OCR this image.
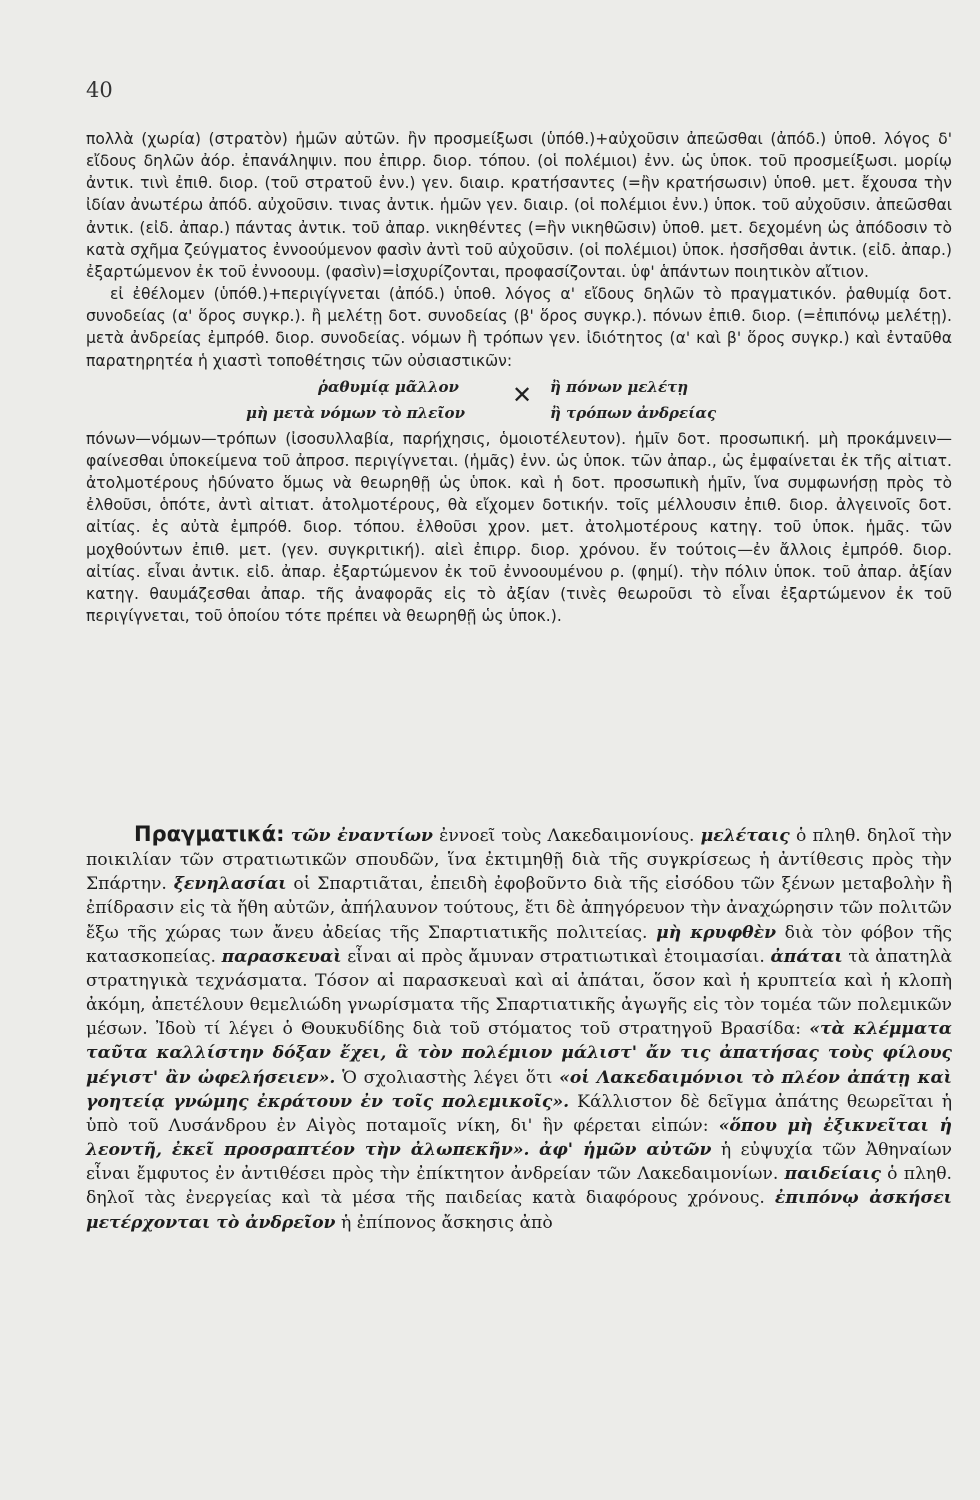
40

πολλὰ (χωρία) (στρατὸν) ἡμῶν αὐτῶν. ἢν προσμείξωσι (ὑπόθ.)+αὐχοῦσιν ἀπεῶσθαι (ἀπόδ.) ὑποθ. λόγος δ' εἴδους δηλῶν ἀόρ. ἐπανάληψιν. που ἐπιρρ. διορ. τόπου. (οἱ πολέμιοι) ἐνν. ὡς ὑποκ. τοῦ προσμείξωσι. μορίῳ ἀντικ. τινὶ ἐπιθ. διορ. (τοῦ στρατοῦ ἐνν.) γεν. διαιρ. κρατήσαντες (=ἢν κρατήσωσιν) ὑποθ. μετ. ἔχουσα τὴν ἰδίαν ἀνωτέρω ἀπόδ. αὐχοῦσιν. τινας ἀντικ. ἡμῶν γεν. διαιρ. (οἱ πολέμιοι ἐνν.) ὑποκ. τοῦ αὐχοῦσιν. ἀπεῶσθαι ἀντικ. (εἰδ. ἀπαρ.) πάντας ἀντικ. τοῦ ἀπαρ. νικηθέντες (=ἢν νικηθῶσιν) ὑποθ. μετ. δεχομένη ὡς ἀπόδοσιν τὸ κατὰ σχῆμα ζεύγματος ἐννοούμενον φασὶν ἀντὶ τοῦ αὐχοῦσιν. (οἱ πολέμιοι) ὑποκ. ἡσσῆσθαι ἀντικ. (εἰδ. ἀπαρ.) ἐξαρτώμενον ἐκ τοῦ ἐννοουμ. (φασὶν)=ἰσχυρίζονται, προφασίζονται. ὑφ' ἁπάντων ποιητικὸν αἴτιον.

εἰ ἐθέλομεν (ὑπόθ.)+περιγίγνεται (ἀπόδ.) ὑποθ. λόγος α' εἴδους δηλῶν τὸ πραγματικόν. ῥαθυμίᾳ δοτ. συνοδείας (α' ὅρος συγκρ.). ἢ μελέτῃ δοτ. συνοδείας (β' ὅρος συγκρ.). πόνων ἐπιθ. διορ. (=ἐπιπόνῳ μελέτῃ). μετὰ ἀνδρείας ἐμπρόθ. διορ. συνοδείας. νόμων ἢ τρόπων γεν. ἰδιότητος (α' καὶ β' ὅρος συγκρ.) καὶ ἐνταῦθα παρατηρητέα ἡ χιαστὶ τοποθέτησις τῶν οὐσιαστικῶν:

ῥαθυμίᾳ μᾶλλον ✕ ἢ πόνων μελέτῃ
μὴ μετὰ νόμων τὸ πλεῖον	ἢ τρόπων ἀνδρείας

πόνων—νόμων—τρόπων (ἰσοσυλλαβία, παρήχησις, ὁμοιοτέλευτον). ἡμῖν δοτ. προσωπική. μὴ προκάμνειν—φαίνεσθαι ὑποκείμενα τοῦ ἀπροσ. περιγίγνεται. (ἡμᾶς) ἐνν. ὡς ὑποκ. τῶν ἀπαρ., ὡς ἐμφαίνεται ἐκ τῆς αἰτιατ. ἀτολμοτέρους ἠδύνατο ὅμως νὰ θεωρηθῇ ὡς ὑποκ. καὶ ἡ δοτ. προσωπικὴ ἡμῖν, ἵνα συμφωνήσῃ πρὸς τὸ ἐλθοῦσι, ὁπότε, ἀντὶ αἰτιατ. ἀτολμοτέρους, θὰ εἴχομεν δοτικήν. τοῖς μέλλουσιν ἐπιθ. διορ. ἀλγεινοῖς δοτ. αἰτίας. ἐς αὐτὰ ἐμπρόθ. διορ. τόπου. ἐλθοῦσι χρον. μετ. ἀτολμοτέρους κατηγ. τοῦ ὑποκ. ἡμᾶς. τῶν μοχθούντων ἐπιθ. μετ. (γεν. συγκριτική). αἰεὶ ἐπιρρ. διορ. χρόνου. ἔν τούτοις—ἐν ἄλλοις ἐμπρόθ. διορ. αἰτίας. εἶναι ἀντικ. εἰδ. ἀπαρ. ἐξαρτώμενον ἐκ τοῦ ἐννοουμένου ρ. (φημί). τὴν πόλιν ὑποκ. τοῦ ἀπαρ. ἀξίαν κατηγ. θαυμάζεσθαι ἀπαρ. τῆς ἀναφορᾶς εἰς τὸ ἀξίαν (τινὲς θεωροῦσι τὸ εἶναι ἐξαρτώμενον ἐκ τοῦ περιγίγνεται, τοῦ ὁποίου τότε πρέπει νὰ θεωρηθῇ ὡς ὑποκ.).

Πραγματικά: τῶν ἐναντίων ἐννοεῖ τοὺς Λακεδαιμονίους. μελέταις ὁ πληθ. δηλοῖ τὴν ποικιλίαν τῶν στρατιωτικῶν σπουδῶν, ἵνα ἐκτιμηθῇ διὰ τῆς συγκρίσεως ἡ ἀντίθεσις πρὸς τὴν Σπάρτην. ξενηλασίαι οἱ Σπαρτιᾶται, ἐπειδὴ ἐφοβοῦντο διὰ τῆς εἰσόδου τῶν ξένων μεταβολὴν ἢ ἐπίδρασιν εἰς τὰ ἤθη αὐτῶν, ἀπήλαυνον τούτους, ἔτι δὲ ἀπηγόρευον τὴν ἀναχώρησιν τῶν πολιτῶν ἔξω τῆς χώρας των ἄνευ ἀδείας τῆς Σπαρτιατικῆς πολιτείας. μὴ κρυφθὲν διὰ τὸν φόβον τῆς κατασκοπείας. παρασκευαὶ εἶναι αἱ πρὸς ἄμυναν στρατιωτικαὶ ἑτοιμασίαι. ἀπάται τὰ ἀπατηλὰ στρατηγικὰ τεχνάσματα. Τόσον αἱ παρασκευαὶ καὶ αἱ ἀπάται, ὅσον καὶ ἡ κρυπτεία καὶ ἡ κλοπὴ ἀκόμη, ἀπετέλουν θεμελιώδη γνωρίσματα τῆς Σπαρτιατικῆς ἀγωγῆς εἰς τὸν τομέα τῶν πολεμικῶν μέσων. Ἰδοὺ τί λέγει ὁ Θουκυδίδης διὰ τοῦ στόματος τοῦ στρατηγοῦ Βρασίδα: «τὰ κλέμματα ταῦτα καλλίστην δόξαν ἔχει, ἃ τὸν πολέμιον μάλιστ' ἄν τις ἀπατήσας τοὺς φίλους μέγιστ' ἂν ὠφελήσειεν». Ὁ σχολιαστὴς λέγει ὅτι «οἱ Λακεδαιμόνιοι τὸ πλέον ἀπάτῃ καὶ γοητείᾳ γνώμης ἐκράτουν ἐν τοῖς πολεμικοῖς». Κάλλιστον δὲ δεῖγμα ἀπάτης θεωρεῖται ἡ ὑπὸ τοῦ Λυσάνδρου ἐν Αἰγὸς ποταμοῖς νίκη, δι' ἣν φέρεται εἰπών: «ὅπου μὴ ἐξικνεῖται ἡ λεοντῆ, ἐκεῖ προσραπτέον τὴν ἀλωπεκῆν». ἀφ' ἡμῶν αὐτῶν ἡ εὐψυχία τῶν Ἀθηναίων εἶναι ἔμφυτος ἐν ἀντιθέσει πρὸς τὴν ἐπίκτητον ἀνδρείαν τῶν Λακεδαιμονίων. παιδείαις ὁ πληθ. δηλοῖ τὰς ἐνεργείας καὶ τὰ μέσα τῆς παιδείας κατὰ διαφόρους χρόνους. ἐπιπόνῳ ἀσκήσει μετέρχονται τὸ ἀνδρεῖον ἡ ἐπίπονος ἄσκησις ἀπὸ
